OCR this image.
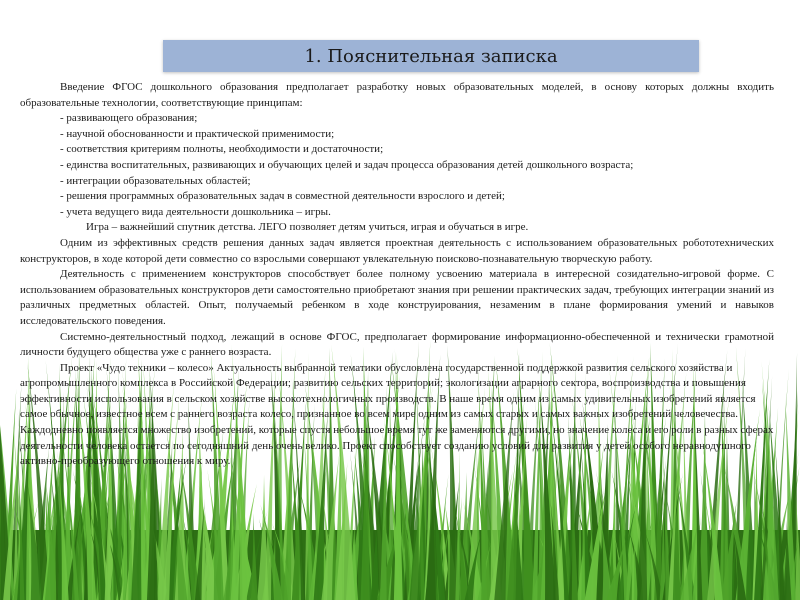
1. Пояснительная записка

Введение ФГОС дошкольного образования предполагает разработку новых образовательных моделей, в основу которых должны входить образовательные технологии, соответствующие принципам:

- развивающего образования;

- научной обоснованности и практической применимости;

- соответствия критериям полноты, необходимости и достаточности;

- единства воспитательных, развивающих и обучающих целей и задач процесса образования детей дошкольного возраста;

- интеграции образовательных областей;

- решения программных образовательных задач в совместной деятельности взрослого и детей;

- учета ведущего вида деятельности дошкольника – игры.

Игра – важнейший спутник детства. ЛЕГО позволяет детям учиться, играя и обучаться в игре.

Одним из эффективных средств решения данных задач является проектная деятельность с использованием образовательных робототехнических конструкторов, в ходе которой дети совместно со взрослыми совершают увлекательную поисково-познавательную творческую работу.

Деятельность с применением конструкторов способствует более полному усвоению материала в интересной созидательно-игровой форме. С использованием образовательных конструкторов дети самостоятельно приобретают знания при решении практических задач, требующих интеграции знаний из различных предметных областей. Опыт, получаемый ребенком в ходе конструирования, незаменим в плане формирования умений и навыков исследовательского поведения.

Системно-деятельностный подход, лежащий в основе ФГОС, предполагает формирование информационно-обеспеченной и технически грамотной личности будущего общества уже с раннего возраста.

Проект «Чудо техники – колесо» Актуальность выбранной тематики обусловлена государственной поддержкой развития сельского хозяйства и агропромышленного комплекса в Российской Федерации; развитию сельских территорий; экологизации аграрного сектора, воспроизводства и повышения эффективности использования в сельском хозяйстве высокотехнологичных производств. В наше время одним из самых удивительных изобретений является самое обычное, известное всем с раннего возраста колесо, признанное во всем мире одним из самых старых и самых важных изобретений человечества. Каждодневно появляется множество изобретений, которые спустя небольшое время тут же заменяются другими, но значение колеса и его роли в разных сферах деятельности человека остается по сегодняшний день очень велико. Проект способствует созданию условий для развития у детей особого неравнодушного активно-преобразующего отношения к миру.
